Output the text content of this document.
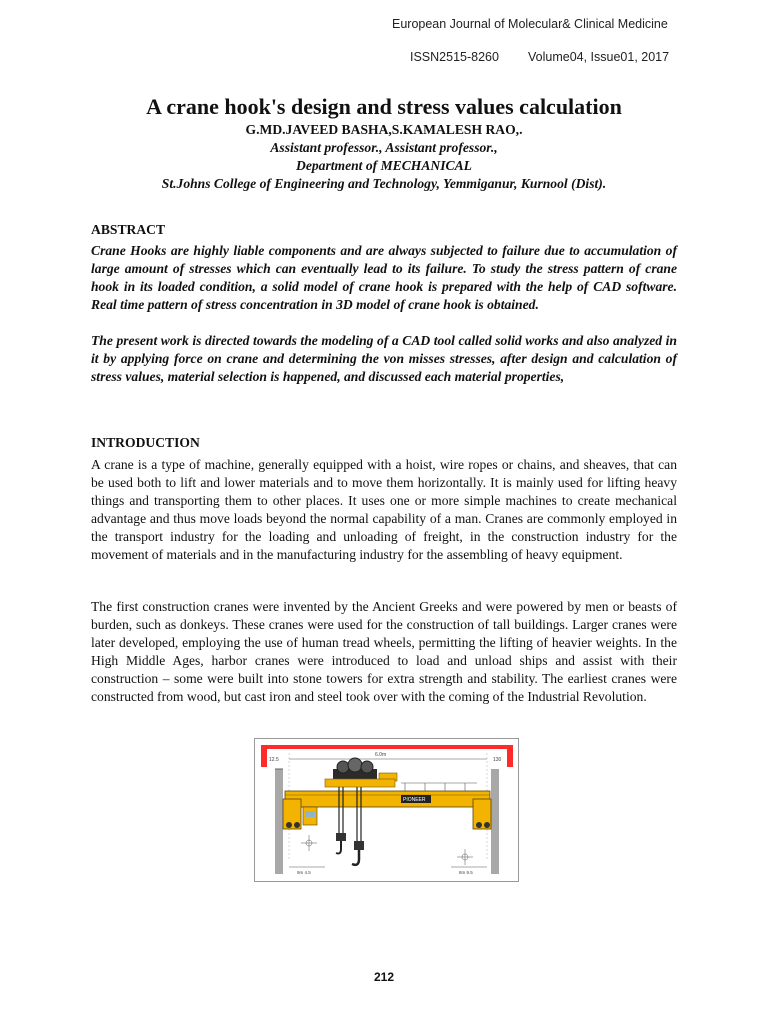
European Journal of Molecular& Clinical Medicine
ISSN2515-8260 Volume04, Issue01, 2017
A crane hook's design and stress values calculation
G.MD.JAVEED BASHA,S.KAMALESH RAO,.
Assistant professor., Assistant professor.,
Department of MECHANICAL
St.Johns College of Engineering and Technology, Yemmiganur, Kurnool (Dist).
ABSTRACT
Crane Hooks are highly liable components and are always subjected to failure due to accumulation of large amount of stresses which can eventually lead to its failure. To study the stress pattern of crane hook in its loaded condition, a solid model of crane hook is prepared with the help of CAD software. Real time pattern of stress concentration in 3D model of crane hook is obtained.
The present work is directed towards the modeling of a CAD tool called solid works and also analyzed in it by applying force on crane and determining the von misses stresses, after design and calculation of stress values, material selection is happened, and discussed each material properties,
INTRODUCTION
A crane is a type of machine, generally equipped with a hoist, wire ropes or chains, and sheaves, that can be used both to lift and lower materials and to move them horizontally. It is mainly used for lifting heavy things and transporting them to other places. It uses one or more simple machines to create mechanical advantage and thus move loads beyond the normal capability of a man. Cranes are commonly employed in the transport industry for the loading and unloading of freight, in the construction industry for the movement of materials and in the manufacturing industry for the assembling of heavy equipment.
The first construction cranes were invented by the Ancient Greeks and were powered by men or beasts of burden, such as donkeys. These cranes were used for the construction of tall buildings. Larger cranes were later developed, employing the use of human tread wheels, permitting the lifting of heavier weights. In the High Middle Ages, harbor cranes were introduced to load and unload ships and assist with their construction – some were built into stone towers for extra strength and stability. The earliest cranes were constructed from wood, but cast iron and steel took over with the coming of the Industrial Revolution.
6.0m
12.5	130
PIONEER
9m 4.5	8m 9.5
212
